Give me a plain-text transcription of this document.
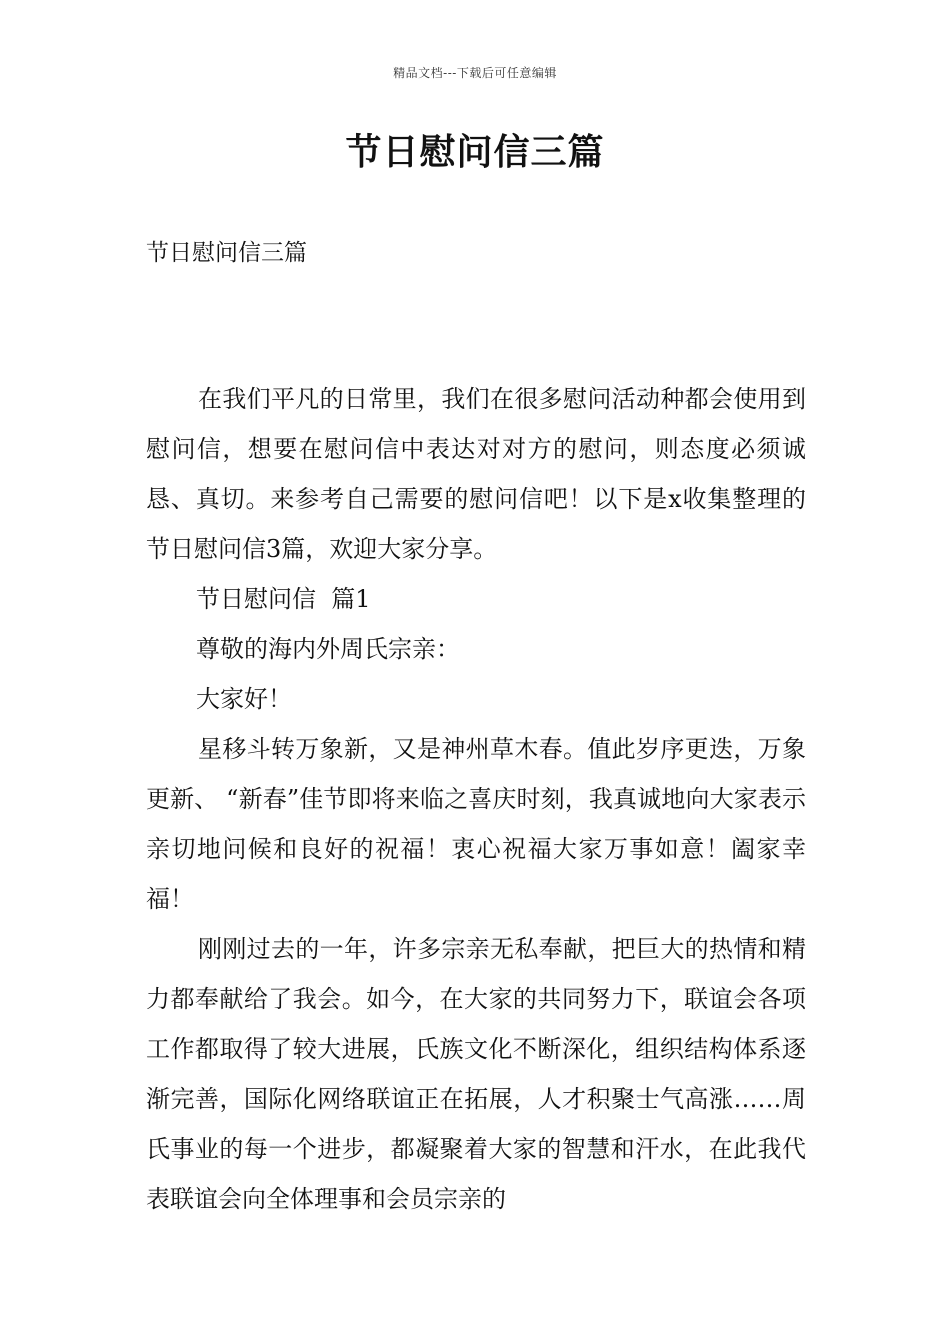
精品文档---下载后可任意编辑
节日慰问信三篇

节日慰问信三篇

在我们平凡的日常里，我们在很多慰问活动种都会使用到慰问信，想要在慰问信中表达对对方的慰问，则态度必须诚恳、真切。来参考自己需要的慰问信吧！以下是x收集整理的节日慰问信3篇，欢迎大家分享。

节日慰问信  篇1

尊敬的海内外周氏宗亲：

大家好！

星移斗转万象新，又是神州草木春。值此岁序更迭，万象更新、 “新春”佳节即将来临之喜庆时刻，我真诚地向大家表示亲切地问候和良好的祝福！衷心祝福大家万事如意！阖家幸福！

刚刚过去的一年，许多宗亲无私奉献，把巨大的热情和精力都奉献给了我会。如今，在大家的共同努力下，联谊会各项工作都取得了较大进展，氏族文化不断深化，组织结构体系逐渐完善，国际化网络联谊正在拓展，人才积聚士气高涨……周氏事业的每一个进步，都凝聚着大家的智慧和汗水，在此我代表联谊会向全体理事和会员宗亲的
